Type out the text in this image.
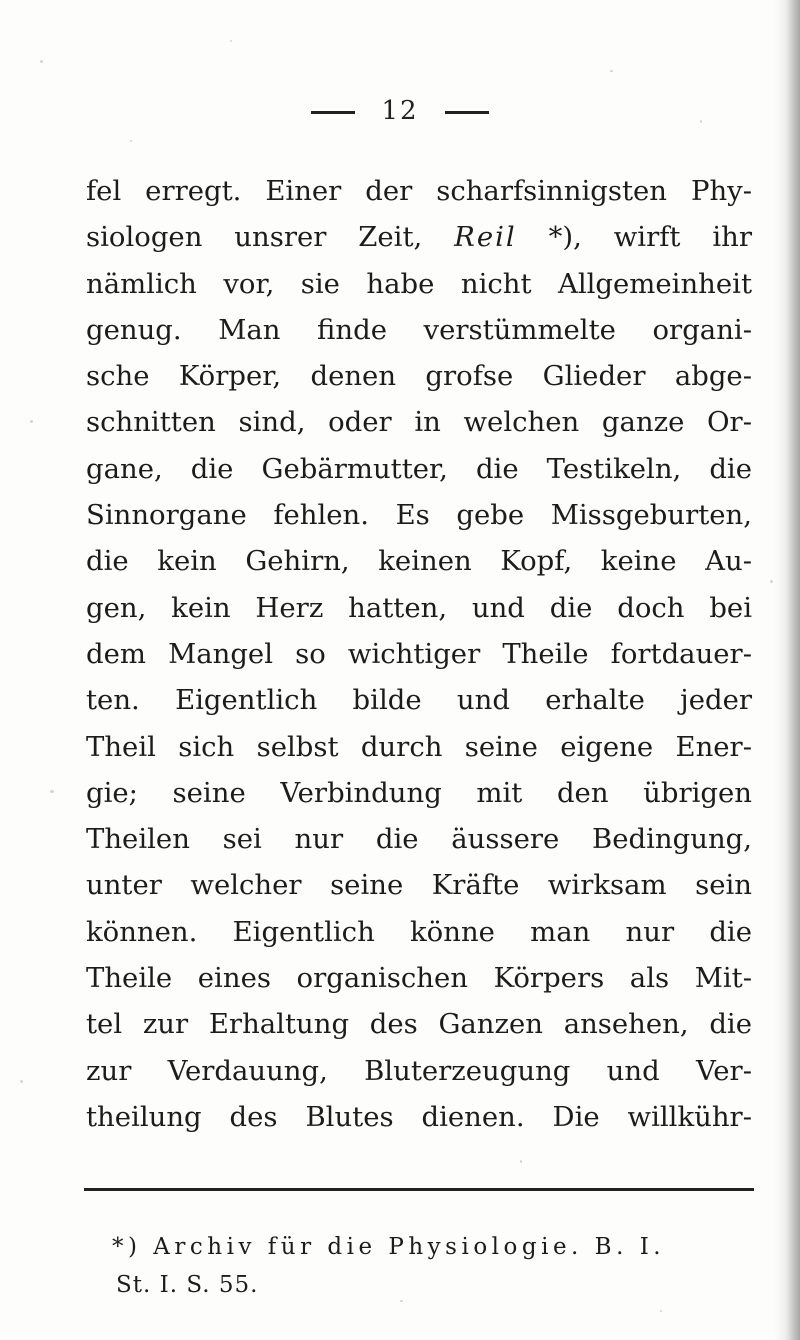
12
fel erregt. Einer der scharfsinnigsten Phy-
siologen unsrer Zeit, Reil *), wirft ihr
nämlich vor, sie habe nicht Allgemeinheit
genug. Man finde verstümmelte organi-
sche Körper, denen grofse Glieder abge-
schnitten sind, oder in welchen ganze Or-
gane, die Gebärmutter, die Testikeln, die
Sinnorgane fehlen. Es gebe Missgeburten,
die kein Gehirn, keinen Kopf, keine Au-
gen, kein Herz hatten, und die doch bei
dem Mangel so wichtiger Theile fortdauer-
ten. Eigentlich bilde und erhalte jeder
Theil sich selbst durch seine eigene Ener-
gie; seine Verbindung mit den übrigen
Theilen sei nur die äussere Bedingung,
unter welcher seine Kräfte wirksam sein
können. Eigentlich könne man nur die
Theile eines organischen Körpers als Mit-
tel zur Erhaltung des Ganzen ansehen, die
zur Verdauung, Bluterzeugung und Ver-
theilung des Blutes dienen. Die willkühr-
*) Archiv für die Physiologie. B. I.
St. I. S. 55.
